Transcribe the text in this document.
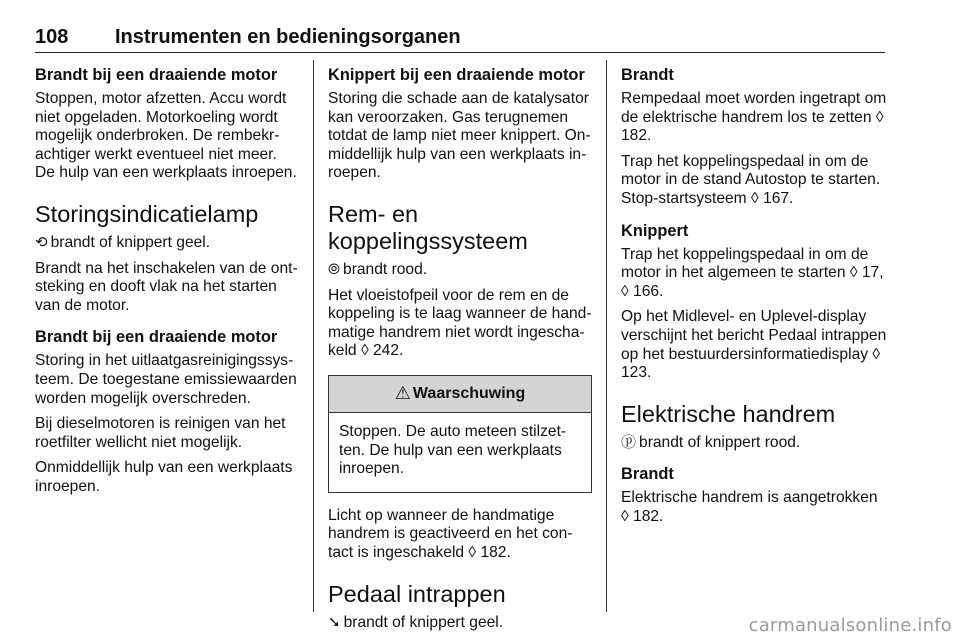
108 Instrumenten en bedieningsorganen
Brandt bij een draaiende motor

Stoppen, motor afzetten. Accu wordt niet opgeladen. Motorkoeling wordt mogelijk onderbroken. De rembekrachtiger werkt eventueel niet meer. De hulp van een werkplaats inroepen.

Storingsindicatielamp

⟲ brandt of knippert geel.

Brandt na het inschakelen van de ontsteking en dooft vlak na het starten van de motor.

Brandt bij een draaiende motor

Storing in het uitlaatgasreinigingssysteem. De toegestane emissiewaarden worden mogelijk overschreden.

Bij dieselmotoren is reinigen van het roetfilter wellicht niet mogelijk.

Onmiddellijk hulp van een werkplaats inroepen.

Knippert bij een draaiende motor

Storing die schade aan de katalysator kan veroorzaken. Gas terugnemen totdat de lamp niet meer knippert. Onmiddellijk hulp van een werkplaats inroepen.

Rem- en koppelingssysteem

⦾ brandt rood.

Het vloeistofpeil voor de rem en de koppeling is te laag wanneer de handmatige handrem niet wordt ingeschakeld ◊ 242.

⚠ Waarschuwing

Stoppen. De auto meteen stilzetten. De hulp van een werkplaats inroepen.

Licht op wanneer de handmatige handrem is geactiveerd en het contact is ingeschakeld ◊ 182.

Pedaal intrappen

➘ brandt of knippert geel.

Brandt

Rempedaal moet worden ingetrapt om de elektrische handrem los te zetten ◊ 182.

Trap het koppelingspedaal in om de motor in de stand Autostop te starten. Stop-startsysteem ◊ 167.

Knippert

Trap het koppelingspedaal in om de motor in het algemeen te starten ◊ 17, ◊ 166.

Op het Midlevel- en Uplevel-display verschijnt het bericht Pedaal intrappen op het bestuurdersinformatiedisplay ◊ 123.

Elektrische handrem

ⓟ brandt of knippert rood.

Brandt

Elektrische handrem is aangetrokken ◊ 182.

carmanualsonline.info
